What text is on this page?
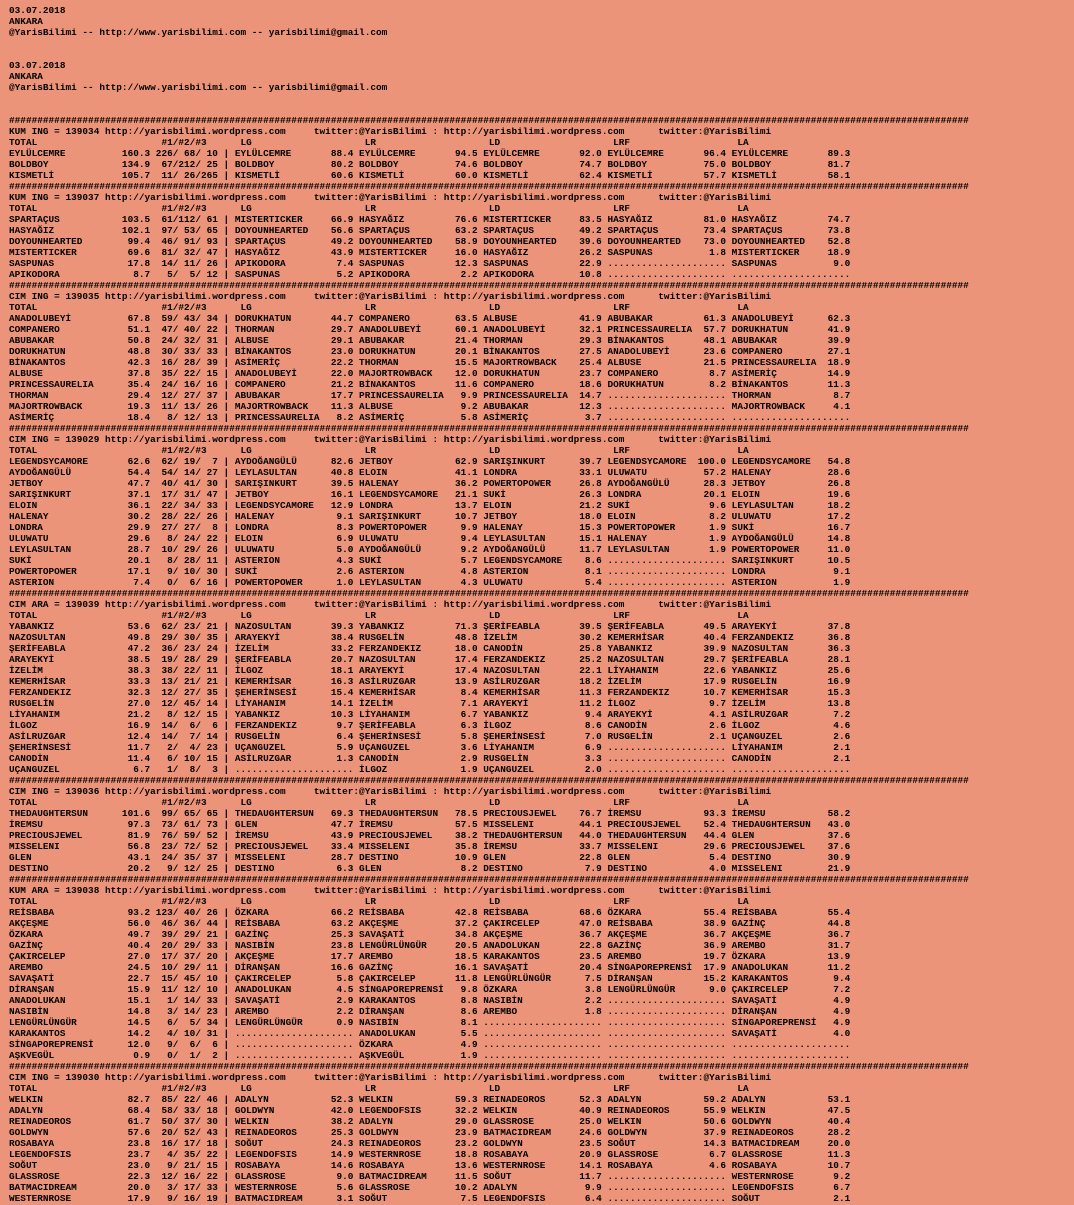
03.07.2018
ANKARA
@YarisBilimi -- http://www.yarisbilimi.com -- yarisbilimi@gmail.com
03.07.2018
ANKARA
@YarisBilimi -- http://www.yarisbilimi.com -- yarisbilimi@gmail.com
##########################################################################################################################################################################
KUM ING = 139034 http://yarisbilimi.wordpress.com     twitter:@YarisBilimi : http://yarisbilimi.wordpress.com      twitter:@YarisBilimi
TOTAL                      #1/#2/#3      LG                    LR                    LD                    LRF                   LA
EYLÜLCEMRE          160.3 226/ 68/ 10 | EYLÜLCEMRE       88.4 EYLÜLCEMRE       94.5 EYLÜLCEMRE       92.0 EYLÜLCEMRE       96.4 EYLÜLCEMRE       89.3
BOLDBOY             134.9  67/212/ 25 | BOLDBOY          80.2 BOLDBOY          74.6 BOLDBOY          74.7 BOLDBOY          75.0 BOLDBOY          81.7
KISMETLİ            105.7  11/ 26/265 | KISMETLİ         60.6 KISMETLİ         60.0 KISMETLİ         62.4 KISMETLİ         57.7 KISMETLİ         58.1
##########################################################################################################################################################################
KUM ING = 139037 http://yarisbilimi.wordpress.com     twitter:@YarisBilimi : http://yarisbilimi.wordpress.com      twitter:@YarisBilimi
TOTAL                      #1/#2/#3      LG                    LR                    LD                    LRF                   LA
SPARTAÇUS           103.5  61/112/ 61 | MISTERTICKER     66.9 HASYAĞIZ         76.6 MISTERTICKER     83.5 HASYAĞIZ         81.0 HASYAĞIZ         74.7
HASYAĞIZ            102.1  97/ 53/ 65 | DOYOUNHEARTED    56.6 SPARTAÇUS        63.2 SPARTAÇUS        49.2 SPARTAÇUS        73.4 SPARTAÇUS        73.8
DOYOUNHEARTED        99.4  46/ 91/ 93 | SPARTAÇUS        49.2 DOYOUNHEARTED    58.9 DOYOUNHEARTED    39.6 DOYOUNHEARTED    73.0 DOYOUNHEARTED    52.8
MISTERTICKER         69.6  81/ 32/ 47 | HASYAĞIZ         43.9 MISTERTICKER     16.0 HASYAĞIZ         26.2 SASPUNAS          1.8 MISTERTICKER     18.9
SASPUNAS             17.8  14/ 11/ 26 | APIKODORA         7.4 SASPUNAS         12.3 SASPUNAS         22.9 ..................... SASPUNAS          9.0
APIKODORA             8.7   5/  5/ 12 | SASPUNAS          5.2 APIKODORA         2.2 APIKODORA        10.8 ..................... .....................
##########################################################################################################################################################################
CIM ING = 139035 http://yarisbilimi.wordpress.com     twitter:@YarisBilimi : http://yarisbilimi.wordpress.com      twitter:@YarisBilimi
TOTAL                      #1/#2/#3      LG                    LR                    LD                    LRF                   LA
ANADOLUBEYİ          67.8  59/ 43/ 34 | DORUKHATUN       44.7 COMPANERO        63.5 ALBUSE           41.9 ABUBAKAR         61.3 ANADOLUBEYİ      62.3
COMPANERO            51.1  47/ 40/ 22 | THORMAN          29.7 ANADOLUBEYİ      60.1 ANADOLUBEYİ      32.1 PRINCESSAURELIA  57.7 DORUKHATUN       41.9
ABUBAKAR             50.8  24/ 32/ 31 | ALBUSE           29.1 ABUBAKAR         21.4 THORMAN          29.3 BİNAKANTOS       48.1 ABUBAKAR         39.9
DORUKHATUN           48.8  30/ 33/ 33 | BİNAKANTOS       23.0 DORUKHATUN       20.1 BİNAKANTOS       27.5 ANADOLUBEYİ      23.6 COMPANERO        27.1
BİNAKANTOS           42.3  16/ 28/ 39 | ASİMERİÇ         22.2 THORMAN          15.5 MAJORTROWBACK    25.4 ALBUSE           21.5 PRINCESSAURELIA  18.9
ALBUSE               37.8  35/ 22/ 15 | ANADOLUBEYİ      22.0 MAJORTROWBACK    12.0 DORUKHATUN       23.7 COMPANERO         8.7 ASİMERİÇ         14.9
PRINCESSAURELIA      35.4  24/ 16/ 16 | COMPANERO        21.2 BİNAKANTOS       11.6 COMPANERO        18.6 DORUKHATUN        8.2 BİNAKANTOS       11.3
THORMAN              29.4  12/ 27/ 37 | ABUBAKAR         17.7 PRINCESSAURELIA   9.9 PRINCESSAURELIA  14.7 ..................... THORMAN           8.7
MAJORTROWBACK        19.3  11/ 13/ 26 | MAJORTROWBACK    11.3 ALBUSE            9.2 ABUBAKAR         12.3 ..................... MAJORTROWBACK     4.1
ASİMERİÇ             18.4   8/ 12/ 13 | PRINCESSAURELIA   8.2 ASİMERİÇ          5.8 ASİMERİÇ          3.7 ..................... .....................
##########################################################################################################################################################################
CIM ING = 139029 http://yarisbilimi.wordpress.com     twitter:@YarisBilimi : http://yarisbilimi.wordpress.com      twitter:@YarisBilimi
TOTAL                      #1/#2/#3      LG                    LR                    LD                    LRF                   LA
LEGENDSYCAMORE       62.6  62/ 19/  7 | AYDOĞANGÜLÜ      82.6 JETBOY           62.9 SARIŞINKURT      39.7 LEGENDSYCAMORE  100.0 LEGENDSYCAMORE   54.8
AYDOĞANGÜLÜ          54.4  54/ 14/ 27 | LEYLASULTAN      40.8 ELOIN            41.1 LONDRA           33.1 ULUWATU          57.2 HALENAY          28.6
JETBOY               47.7  40/ 41/ 30 | SARIŞINKURT      39.5 HALENAY          36.2 POWERTOPOWER     26.8 AYDOĞANGÜLÜ      28.3 JETBOY           26.8
SARIŞINKURT          37.1  17/ 31/ 47 | JETBOY           16.1 LEGENDSYCAMORE   21.1 SUKİ             26.3 LONDRA           20.1 ELOIN            19.6
ELOIN                36.1  22/ 34/ 33 | LEGENDSYCAMORE   12.9 LONDRA           13.7 ELOIN            21.2 SUKİ              9.6 LEYLASULTAN      18.2
HALENAY              30.2  28/ 22/ 26 | HALENAY           9.1 SARIŞINKURT      10.7 JETBOY           18.0 ELOIN             8.2 ULUWATU          17.2
LONDRA               29.9  27/ 27/  8 | LONDRA            8.3 POWERTOPOWER      9.9 HALENAY          15.3 POWERTOPOWER      1.9 SUKİ             16.7
ULUWATU              29.6   8/ 24/ 22 | ELOIN             6.9 ULUWATU           9.4 LEYLASULTAN      15.1 HALENAY           1.9 AYDOĞANGÜLÜ      14.8
LEYLASULTAN          28.7  10/ 29/ 26 | ULUWATU           5.0 AYDOĞANGÜLÜ       9.2 AYDOĞANGÜLÜ      11.7 LEYLASULTAN       1.9 POWERTOPOWER     11.0
SUKİ                 20.1   8/ 28/ 11 | ASTERION          4.3 SUKİ              5.7 LEGENDSYCAMORE    8.6 ..................... SARIŞINKURT      10.5
POWERTOPOWER         17.1   9/ 10/ 30 | SUKİ              2.6 ASTERION          4.8 ASTERION          8.1 ..................... LONDRA            9.1
ASTERION              7.4   0/  6/ 16 | POWERTOPOWER      1.0 LEYLASULTAN       4.3 ULUWATU           5.4 ..................... ASTERION          1.9
##########################################################################################################################################################################
CIM ARA = 139039 http://yarisbilimi.wordpress.com     twitter:@YarisBilimi : http://yarisbilimi.wordpress.com      twitter:@YarisBilimi
TOTAL                      #1/#2/#3      LG                    LR                    LD                    LRF                   LA
YABANKIZ             53.6  62/ 23/ 21 | NAZOSULTAN       39.3 YABANKIZ         71.3 ŞERİFEABLA       39.5 ŞERİFEABLA       49.5 ARAYEKYİ         37.8
NAZOSULTAN           49.8  29/ 30/ 35 | ARAYEKYİ         38.4 RUSGELİN         48.8 İZELİM           30.2 KEMERHİSAR       40.4 FERZANDEKIZ      36.8
ŞERİFEABLA           47.2  36/ 23/ 24 | İZELİM           33.2 FERZANDEKIZ      18.0 CANODİN          25.8 YABANKIZ         39.9 NAZOSULTAN       36.3
ARAYEKYİ             38.5  19/ 28/ 29 | ŞERİFEABLA       20.7 NAZOSULTAN       17.4 FERZANDEKIZ      25.2 NAZOSULTAN       29.7 ŞERİFEABLA       28.1
İZELİM               38.3  38/ 22/ 11 | İLGOZ            18.1 ARAYEKYİ         17.4 NAZOSULTAN       22.1 LİYAHANIM        22.6 YABANKIZ         25.6
KEMERHİSAR           33.3  13/ 21/ 21 | KEMERHİSAR       16.3 ASİLRUZGAR       13.9 ASİLRUZGAR       18.2 İZELİM           17.9 RUSGELİN         16.9
FERZANDEKIZ          32.3  12/ 27/ 35 | ŞEHERİNSESİ      15.4 KEMERHİSAR        8.4 KEMERHİSAR       11.3 FERZANDEKIZ      10.7 KEMERHİSAR       15.3
RUSGELİN             27.0  12/ 45/ 14 | LİYAHANIM        14.1 İZELİM            7.1 ARAYEKYİ         11.2 İLGOZ             9.7 İZELİM           13.8
LİYAHANIM            21.2   8/ 12/ 15 | YABANKIZ         10.3 LİYAHANIM         6.7 YABANKIZ          9.4 ARAYEKYİ          4.1 ASİLRUZGAR        7.2
İLGOZ                16.9  14/  6/  6 | FERZANDEKIZ       9.7 ŞERİFEABLA        6.3 İLGOZ             8.6 CANODİN           2.6 İLGOZ             4.6
ASİLRUZGAR           12.4  14/  7/ 14 | RUSGELİN          6.4 ŞEHERİNSESİ       5.8 ŞEHERİNSESİ       7.0 RUSGELİN          2.1 UÇANGUZEL         2.6
ŞEHERİNSESİ          11.7   2/  4/ 23 | UÇANGUZEL         5.9 UÇANGUZEL         3.6 LİYAHANIM         6.9 ..................... LİYAHANIM         2.1
CANODİN              11.4   6/ 10/ 15 | ASİLRUZGAR        1.3 CANODİN           2.9 RUSGELİN          3.3 ..................... CANODİN           2.1
UÇANGUZEL             6.7   1/  8/  3 | ..................... İLGOZ             1.9 UÇANGUZEL         2.0 ..................... .....................
##########################################################################################################################################################################
CIM ING = 139036 http://yarisbilimi.wordpress.com     twitter:@YarisBilimi : http://yarisbilimi.wordpress.com      twitter:@YarisBilimi
TOTAL                      #1/#2/#3      LG                    LR                    LD                    LRF                   LA
THEDAUGHTERSUN      101.6  99/ 65/ 65 | THEDAUGHTERSUN   69.3 THEDAUGHTERSUN   78.5 PRECIOUSJEWEL    76.7 İREMSU           93.3 İREMSU           58.2
İREMSU               97.3  73/ 61/ 73 | GLEN             47.7 İREMSU           57.5 MISSELENI        44.1 PRECIOUSJEWEL    52.4 THEDAUGHTERSUN   43.0
PRECIOUSJEWEL        81.9  76/ 59/ 52 | İREMSU           43.9 PRECIOUSJEWEL    38.2 THEDAUGHTERSUN   44.0 THEDAUGHTERSUN   44.4 GLEN             37.6
MISSELENI            56.8  23/ 72/ 52 | PRECIOUSJEWEL    33.4 MISSELENI        35.8 İREMSU           33.7 MISSELENI        29.6 PRECIOUSJEWEL    37.6
GLEN                 43.1  24/ 35/ 37 | MISSELENI        28.7 DESTINO          10.9 GLEN             22.8 GLEN              5.4 DESTINO          30.9
DESTINO              20.2   9/ 12/ 25 | DESTINO           6.3 GLEN              8.2 DESTINO           7.9 DESTINO           4.0 MISSELENI        21.9
##########################################################################################################################################################################
KUM ARA = 139038 http://yarisbilimi.wordpress.com     twitter:@YarisBilimi : http://yarisbilimi.wordpress.com      twitter:@YarisBilimi
TOTAL                      #1/#2/#3      LG                    LR                    LD                    LRF                   LA
REİSBABA             93.2 123/ 40/ 26 | ÖZKARA           66.2 REİSBABA         42.8 REİSBABA         68.6 ÖZKARA           55.4 REİSBABA         55.4
AKÇEŞME              56.0  46/ 36/ 44 | REİSBABA         63.2 AKÇEŞME          37.2 ÇAKIRCELEP       47.0 REİSBABA         38.9 GAZİNÇ           44.8
ÖZKARA               49.7  39/ 29/ 21 | GAZİNÇ           25.3 SAVAŞATİ         34.8 AKÇEŞME          36.7 AKÇEŞME          36.7 AKÇEŞME          36.7
GAZİNÇ               40.4  20/ 29/ 33 | NASIBİN          23.8 LENGÜRLÜNGÜR     20.5 ANADOLUKAN       22.8 GAZİNÇ           36.9 AREMBO           31.7
ÇAKIRCELEP           27.0  17/ 37/ 20 | AKÇEŞME          17.7 AREMBO           18.5 KARAKANTOS       23.5 AREMBO           19.7 ÖZKARA           13.9
AREMBO               24.5  10/ 29/ 11 | DİRANŞAN         16.6 GAZİNÇ           16.1 SAVAŞATİ         20.4 SİNGAPOREPRENSİ  17.9 ANADOLUKAN       11.2
SAVAŞATİ             22.7  15/ 45/ 10 | ÇAKIRCELEP        5.8 ÇAKIRCELEP       11.8 LENGÜRLÜNGÜR      7.5 DİRANŞAN         15.2 KARAKANTOS        9.4
DİRANŞAN             15.9  11/ 12/ 10 | ANADOLUKAN        4.5 SİNGAPOREPRENSİ   9.8 ÖZKARA            3.8 LENGÜRLÜNGÜR      9.0 ÇAKIRCELEP        7.2
ANADOLUKAN           15.1   1/ 14/ 33 | SAVAŞATİ          2.9 KARAKANTOS        8.8 NASIBİN           2.2 ..................... SAVAŞATİ          4.9
NASIBİN              14.8   3/ 14/ 23 | AREMBO            2.2 DİRANŞAN          8.6 AREMBO            1.8 ..................... DİRANŞAN          4.9
LENGÜRLÜNGÜR         14.5   6/  5/ 34 | LENGÜRLÜNGÜR      0.9 NASIBİN           8.1 ..................... ..................... SİNGAPOREPRENSİ   4.9
KARAKANTOS           14.2   4/ 10/ 31 | ..................... ANADOLUKAN        5.5 ..................... ..................... SAVAŞATİ          4.0
SİNGAPOREPRENSİ      12.0   9/  6/  6 | ..................... ÖZKARA            4.9 ..................... ..................... .....................
AŞKVEGÜL              0.9   0/  1/  2 | ..................... AŞKVEGÜL          1.9 ..................... ..................... .....................
##########################################################################################################################################################################
CIM ING = 139030 http://yarisbilimi.wordpress.com     twitter:@YarisBilimi : http://yarisbilimi.wordpress.com      twitter:@YarisBilimi
TOTAL                      #1/#2/#3      LG                    LR                    LD                    LRF                   LA
WELKIN               82.7  85/ 22/ 46 | ADALYN           52.3 WELKIN           59.3 REINADEOROS      52.3 ADALYN           59.2 ADALYN           53.1
ADALYN               68.4  58/ 33/ 18 | GOLDWYN          42.0 LEGENDOFSIS      32.2 WELKIN           40.9 REINADEOROS      55.9 WELKIN           47.5
REINADEOROS          61.7  50/ 37/ 30 | WELKIN           38.2 ADALYN           29.0 GLASSROSE        25.0 WELKIN           50.6 GOLDWYN          40.4
GOLDWYN              57.6  20/ 52/ 43 | REINADEOROS      25.3 GOLDWYN          23.9 BATMACIDREAM     24.6 GOLDWYN          37.9 REINADEOROS      28.2
ROSABAYA             23.8  16/ 17/ 18 | SOĞUT            24.3 REINADEOROS      23.2 GOLDWYN          23.5 SOĞUT            14.3 BATMACIDREAM     20.0
LEGENDOFSIS          23.7   4/ 35/ 22 | LEGENDOFSIS      14.9 WESTERNROSE      18.8 ROSABAYA         20.9 GLASSROSE         6.7 GLASSROSE        11.3
SOĞUT                23.0   9/ 21/ 15 | ROSABAYA         14.6 ROSABAYA         13.6 WESTERNROSE      14.1 ROSABAYA          4.6 ROSABAYA         10.7
GLASSROSE            22.3  12/ 16/ 22 | GLASSROSE         9.0 BATMACIDREAM     11.5 SOĞUT            11.7 ..................... WESTERNROSE       9.2
BATMACIDREAM         20.0   3/ 17/ 33 | WESTERNROSE       5.6 GLASSROSE        10.2 ADALYN            9.9 ..................... LEGENDOFSIS       6.7
WESTERNROSE          17.9   9/ 16/ 19 | BATMACIDREAM      3.1 SOĞUT             7.5 LEGENDOFSIS       6.4 ..................... SOĞUT             2.1
